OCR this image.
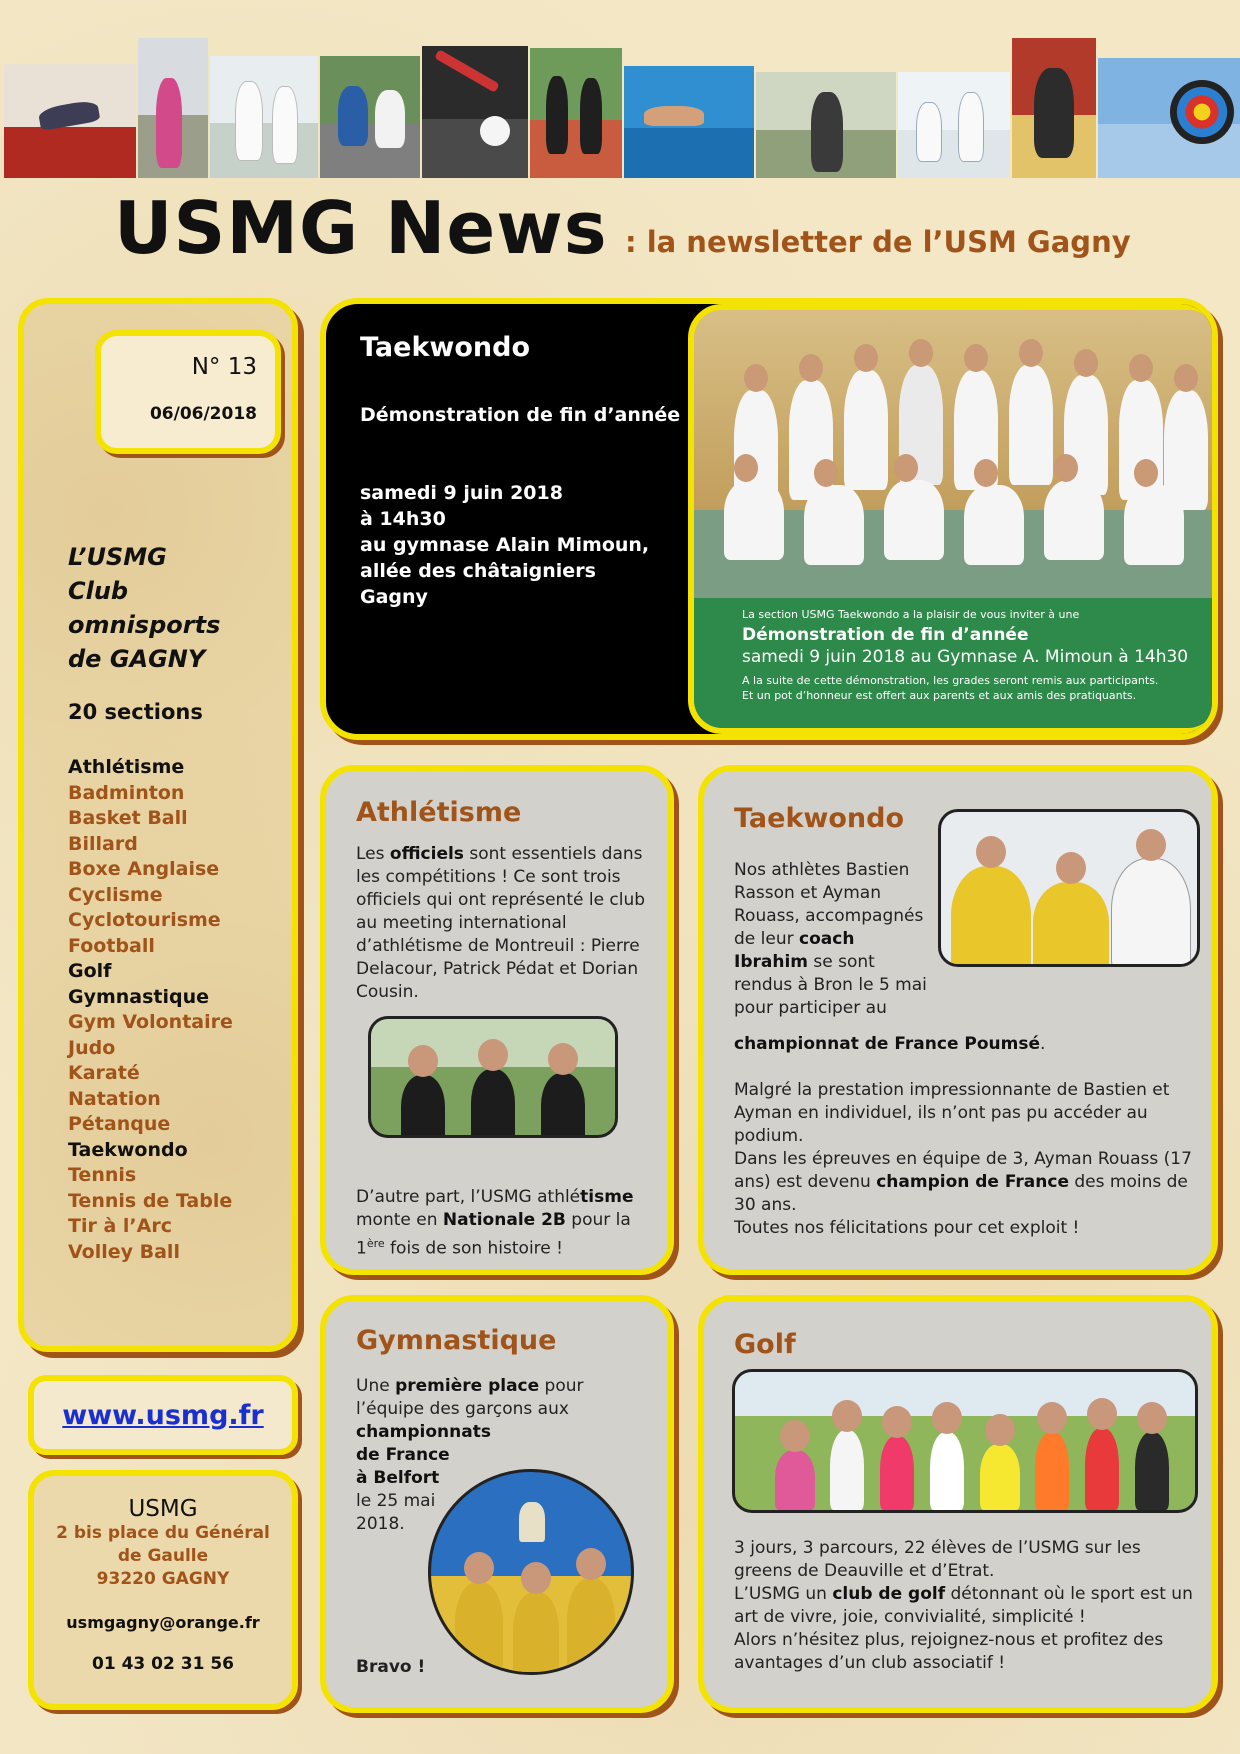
USMG News : la newsletter de l’USM Gagny
N° 13
06/06/2018
L’USMG
Club
omnisports
de GAGNY
20 sections
Athlétisme
Badminton
Basket Ball
Billard
Boxe Anglaise
Cyclisme
Cyclotourisme
Football
Golf
Gymnastique
Gym Volontaire
Judo
Karaté
Natation
Pétanque
Taekwondo
Tennis
Tennis de Table
Tir à l’Arc
Volley Ball
www.usmg.fr
USMG
2 bis place du Général
de Gaulle
93220 GAGNY
usmgagny@orange.fr
01 43 02 31 56
Taekwondo
Démonstration de fin d’année
samedi 9 juin 2018
à 14h30
au gymnase Alain Mimoun,
allée des châtaigniers
Gagny
La section USMG Taekwondo a la plaisir de vous inviter à une
Démonstration de fin d’année
samedi 9 juin 2018 au Gymnase A. Mimoun à 14h30
A la suite de cette démonstration, les grades seront remis aux participants.
Et un pot d’honneur est offert aux parents et aux amis des pratiquants.
Athlétisme
Les officiels sont essentiels dans les compétitions ! Ce sont trois officiels qui ont représenté le club au meeting international d’athlétisme de Montreuil : Pierre Delacour, Patrick Pédat et Dorian Cousin.
D’autre part, l’USMG athlétisme monte en Nationale 2B pour la 1ère fois de son histoire !
Taekwondo
Nos athlètes Bastien Rasson et Ayman Rouass, accompagnés de leur coach Ibrahim se sont rendus à Bron le 5 mai pour participer au
championnat de France Poumsé.
Malgré la prestation impressionnante de Bastien et Ayman en individuel, ils n’ont pas pu accéder au podium.
Dans les épreuves en équipe de 3, Ayman Rouass (17 ans) est devenu champion de France des moins de 30 ans.
Toutes nos félicitations pour cet exploit !
Gymnastique
Une première place pour l’équipe des garçons aux
championnats de France à Belfort
le 25 mai 2018.
Bravo !
Golf
3 jours, 3 parcours, 22 élèves de l’USMG sur les greens de Deauville et d’Etrat.
L’USMG un club de golf détonnant où le sport est un art de vivre, joie, convivialité, simplicité !
Alors n’hésitez plus, rejoignez-nous et profitez des avantages d’un club associatif !
